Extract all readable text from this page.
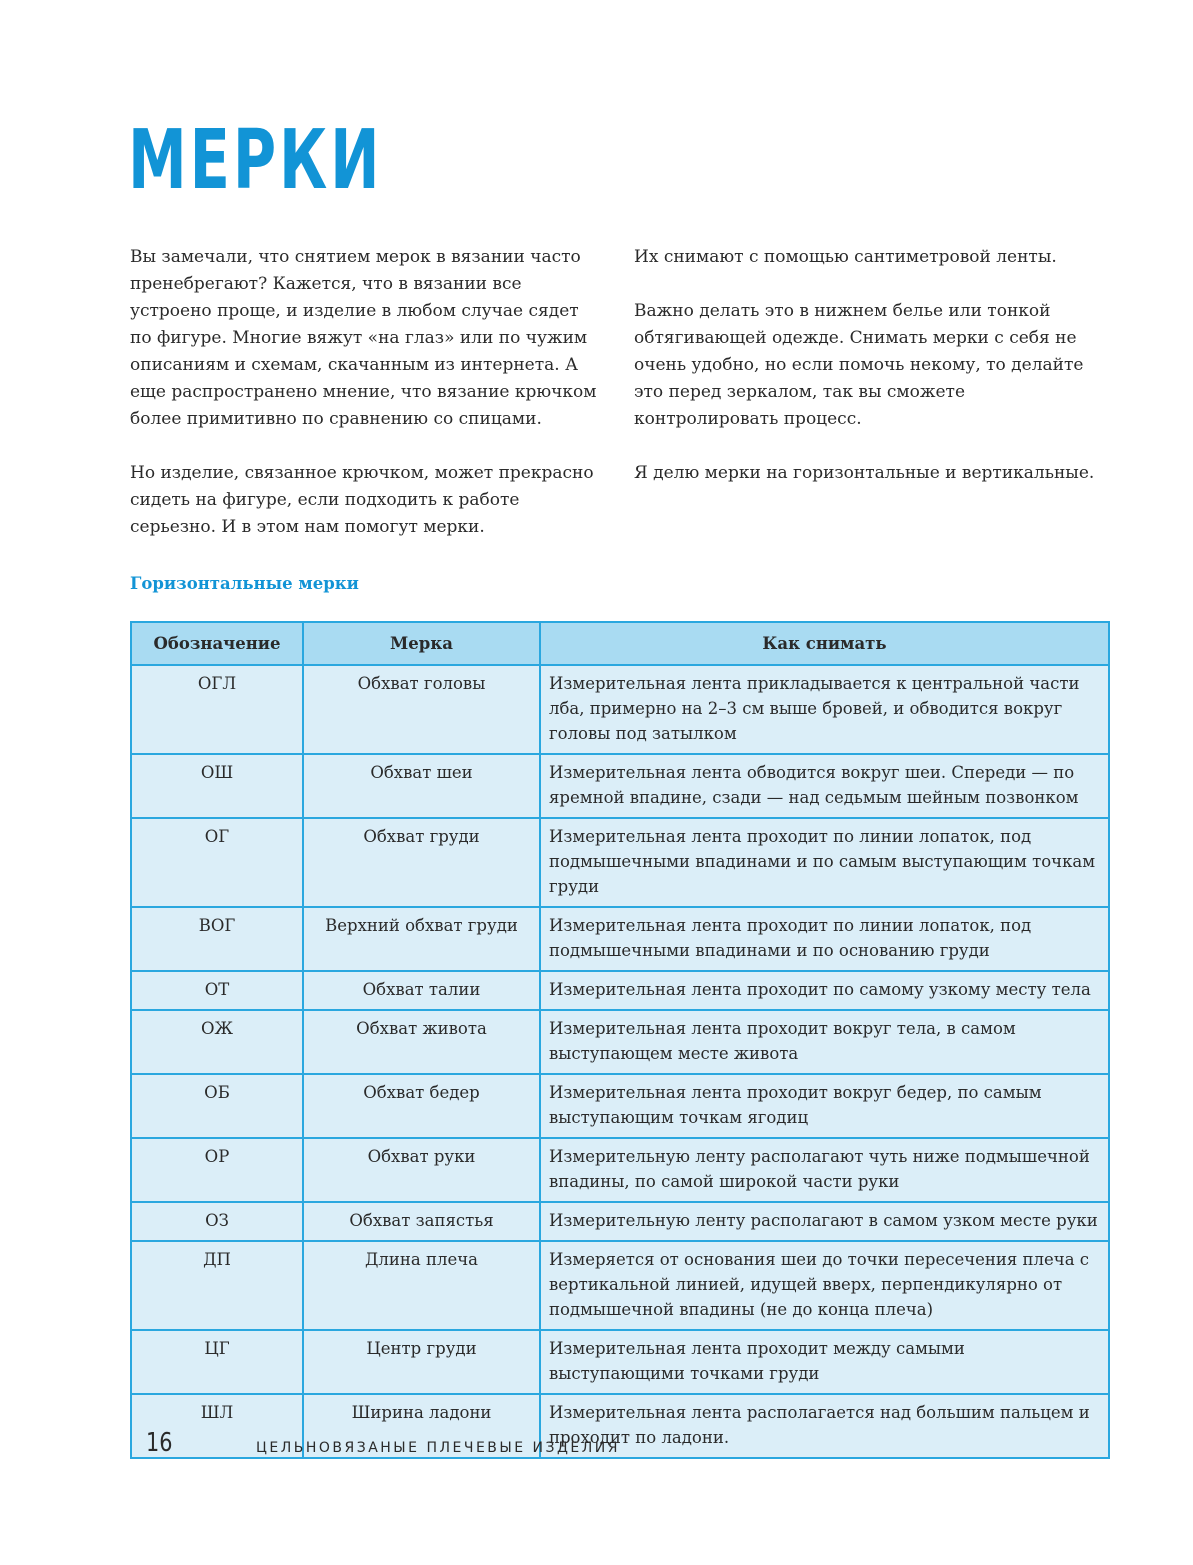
МЕРКИ

Вы замечали, что снятием мерок в вязании часто пренебрегают? Кажется, что в вязании все устроено проще, и изделие в любом случае сядет по фигуре. Многие вяжут «на глаз» или по чужим описаниям и схемам, скачанным из интернета. А еще распространено мнение, что вязание крючком более примитивно по сравнению со спицами.

Но изделие, связанное крючком, может прекрасно сидеть на фигуре, если подходить к работе серьезно. И в этом нам помогут мерки.

Их снимают с помощью сантиметровой ленты.

Важно делать это в нижнем белье или тонкой обтягивающей одежде. Снимать мерки с себя не очень удобно, но если помочь некому, то делайте это перед зеркалом, так вы сможете контролировать процесс.

Я делю мерки на горизонтальные и вертикальные.

Горизонтальные мерки
Обозначение	Мерка	Как снимать
ОГЛ	Обхват головы	Измерительная лента прикладывается к центральной части лба, примерно на 2–3 см выше бровей, и обводится вокруг головы под затылком
ОШ	Обхват шеи	Измерительная лента обводится вокруг шеи. Спереди — по яремной впадине, сзади — над седьмым шейным позвонком
ОГ	Обхват груди	Измерительная лента проходит по линии лопаток, под подмышечными впадинами и по самым выступающим точкам груди
ВОГ	Верхний обхват груди	Измерительная лента проходит по линии лопаток, под подмышечными впадинами и по основанию груди
ОТ	Обхват талии	Измерительная лента проходит по самому узкому месту тела
ОЖ	Обхват живота	Измерительная лента проходит вокруг тела, в самом выступающем месте живота
ОБ	Обхват бедер	Измерительная лента проходит вокруг бедер, по самым выступающим точкам ягодиц
ОР	Обхват руки	Измерительную ленту располагают чуть ниже подмышечной впадины, по самой широкой части руки
ОЗ	Обхват запястья	Измерительную ленту располагают в самом узком месте руки
ДП	Длина плеча	Измеряется от основания шеи до точки пересечения плеча с вертикальной линией, идущей вверх, перпендикулярно от подмышечной впадины (не до конца плеча)
ЦГ	Центр груди	Измерительная лента проходит между самыми выступающими точками груди
ШЛ	Ширина ладони	Измерительная лента располагается над большим пальцем и проходит по ладони.
16	ЦЕЛЬНОВЯЗАНЫЕ ПЛЕЧЕВЫЕ ИЗДЕЛИЯ
